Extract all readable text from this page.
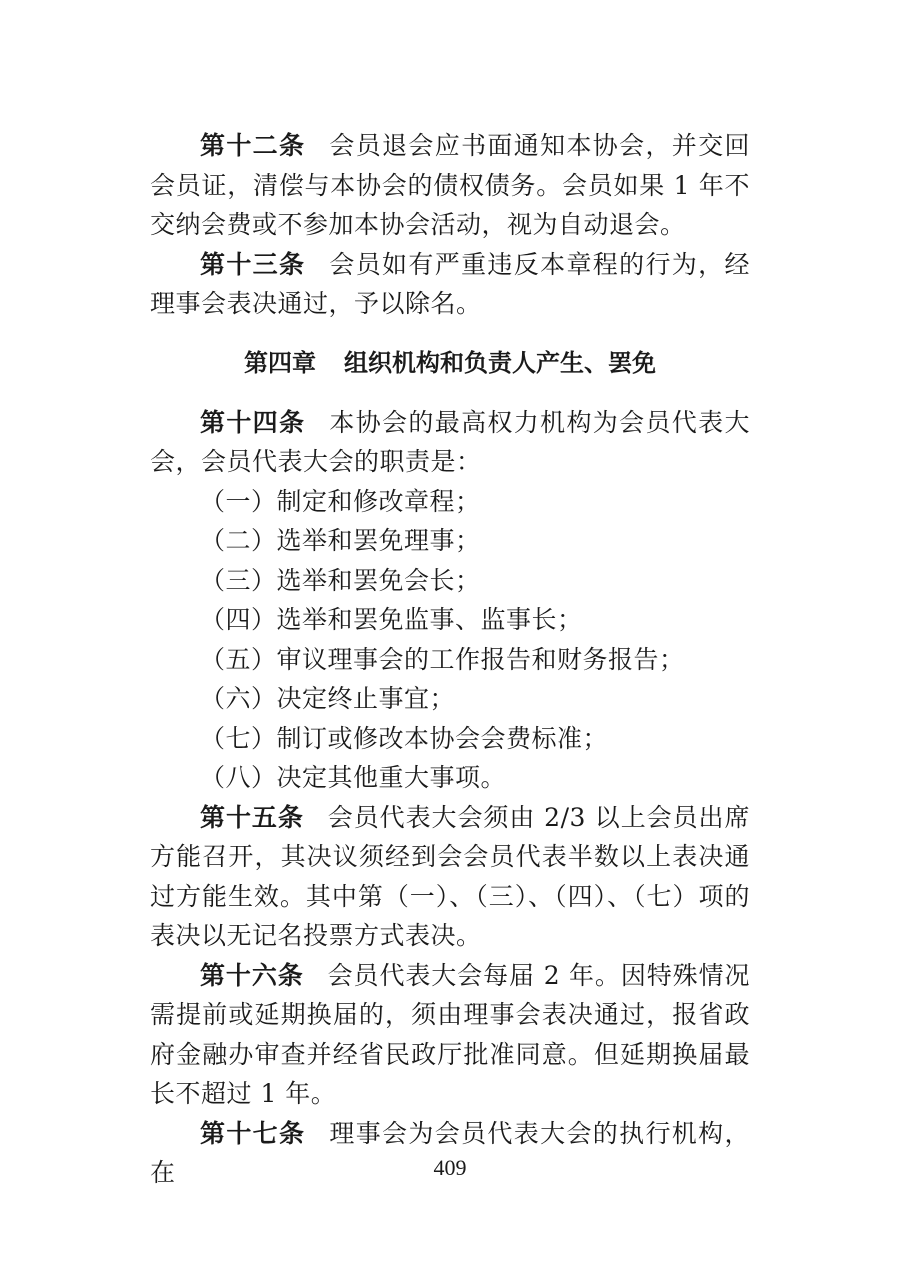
第十二条 会员退会应书面通知本协会，并交回会员证，清偿与本协会的债权债务。会员如果 1 年不交纳会费或不参加本协会活动，视为自动退会。

第十三条 会员如有严重违反本章程的行为，经理事会表决通过，予以除名。

第四章 组织机构和负责人产生、罢免

第十四条 本协会的最高权力机构为会员代表大会，会员代表大会的职责是：

（一）制定和修改章程；

（二）选举和罢免理事；

（三）选举和罢免会长；

（四）选举和罢免监事、监事长；

（五）审议理事会的工作报告和财务报告；

（六）决定终止事宜；

（七）制订或修改本协会会费标准；

（八）决定其他重大事项。

第十五条 会员代表大会须由 2/3 以上会员出席方能召开，其决议须经到会会员代表半数以上表决通过方能生效。其中第（一）、（三）、（四）、（七）项的表决以无记名投票方式表决。

第十六条 会员代表大会每届 2 年。因特殊情况需提前或延期换届的，须由理事会表决通过，报省政府金融办审查并经省民政厅批准同意。但延期换届最长不超过 1 年。

第十七条 理事会为会员代表大会的执行机构，在	409
